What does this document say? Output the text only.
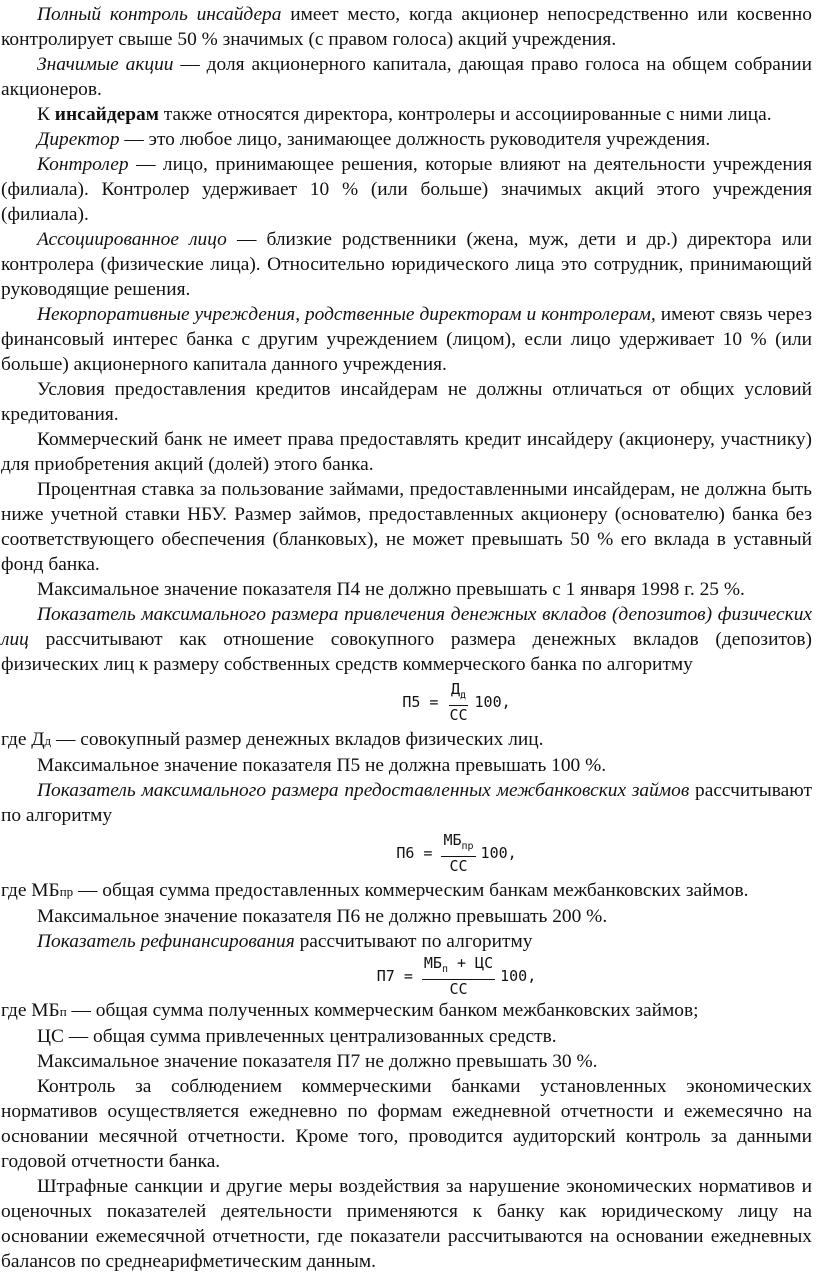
Полный контроль инсайдера имеет место, когда акционер непосредственно или косвенно контролирует свыше 50 % значимых (с правом голоса) акций учреждения.

Значимые акции — доля акционерного капитала, дающая право голоса на общем собрании акционеров.

К инсайдерам также относятся директора, контролеры и ассоциированные с ними лица.

Директор — это любое лицо, занимающее должность руководителя учреждения.

Контролер — лицо, принимающее решения, которые влияют на деятельности учреждения (филиала). Контролер удерживает 10 % (или больше) значимых акций этого учреждения (филиала).

Ассоциированное лицо — близкие родственники (жена, муж, дети и др.) директора или контролера (физические лица). Относительно юридического лица это сотрудник, принимающий руководящие решения.

Некорпоративные учреждения, родственные директорам и контролерам, имеют связь через финансовый интерес банка с другим учреждением (лицом), если лицо удерживает 10 % (или больше) акционерного капитала данного учреждения.

Условия предоставления кредитов инсайдерам не должны отличаться от общих условий кредитования.

Коммерческий банк не имеет права предоставлять кредит инсайдеру (акционеру, участнику) для приобретения акций (долей) этого банка.

Процентная ставка за пользование займами, предоставленными инсайдерам, не должна быть ниже учетной ставки НБУ. Размер займов, предоставленных акционеру (основателю) банка без соответствующего обеспечения (бланковых), не может превышать 50 % его вклада в уставный фонд банка.

Максимальное значение показателя П4 не должно превышать с 1 января 1998 г. 25 %.

Показатель максимального размера привлечения денежных вкладов (депозитов) физических лиц рассчитывают как отношение совокупного размера денежных вкладов (депозитов) физических лиц к размеру собственных средств коммерческого банка по алгоритму

$П5 = \frac{Д_д}{СС} 100$,

где Дд — совокупный размер денежных вкладов физических лиц.

Максимальное значение показателя П5 не должна превышать 100 %.

Показатель максимального размера предоставленных межбанковских займов рассчитывают по алгоритму

$П6 = \frac{МБ_{пр}}{СС} 100$,

где МБпр — общая сумма предоставленных коммерческим банкам межбанковских займов.

Максимальное значение показателя П6 не должно превышать 200 %.

Показатель рефинансирования рассчитывают по алгоритму

$П7 = \frac{МБ_п + ЦС}{СС} 100$,

где МБп — общая сумма полученных коммерческим банком межбанковских займов;

ЦС — общая сумма привлеченных централизованных средств.

Максимальное значение показателя П7 не должно превышать 30 %.

Контроль за соблюдением коммерческими банками установленных экономических нормативов осуществляется ежедневно по формам ежедневной отчетности и ежемесячно на основании месячной отчетности. Кроме того, проводится аудиторский контроль за данными годовой отчетности банка.

Штрафные санкции и другие меры воздействия за нарушение экономических нормативов и оценочных показателей деятельности применяются к банку как юридическому лицу на основании ежемесячной отчетности, где показатели рассчитываются на основании ежедневных балансов по среднеарифметическим данным.
